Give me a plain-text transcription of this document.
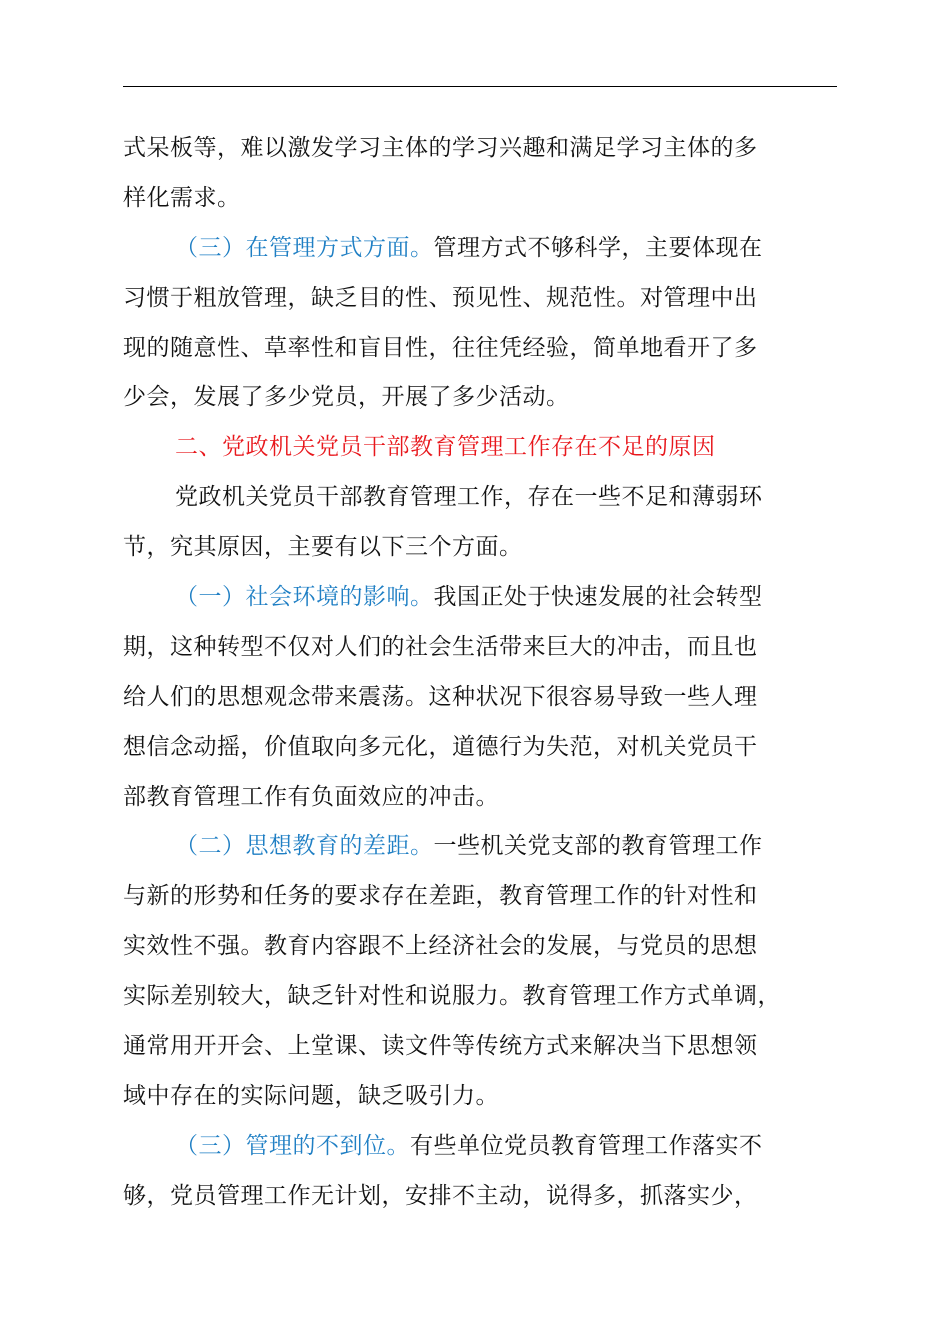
式呆板等，难以激发学习主体的学习兴趣和满足学习主体的多
样化需求。
（三）在管理方式方面。管理方式不够科学，主要体现在
习惯于粗放管理，缺乏目的性、预见性、规范性。对管理中出
现的随意性、草率性和盲目性，往往凭经验，简单地看开了多
少会，发展了多少党员，开展了多少活动。
二、党政机关党员干部教育管理工作存在不足的原因
党政机关党员干部教育管理工作，存在一些不足和薄弱环
节，究其原因，主要有以下三个方面。
（一）社会环境的影响。我国正处于快速发展的社会转型
期，这种转型不仅对人们的社会生活带来巨大的冲击，而且也
给人们的思想观念带来震荡。这种状况下很容易导致一些人理
想信念动摇，价值取向多元化，道德行为失范，对机关党员干
部教育管理工作有负面效应的冲击。
（二）思想教育的差距。一些机关党支部的教育管理工作
与新的形势和任务的要求存在差距，教育管理工作的针对性和
实效性不强。教育内容跟不上经济社会的发展，与党员的思想
实际差别较大，缺乏针对性和说服力。教育管理工作方式单调，
通常用开开会、上堂课、读文件等传统方式来解决当下思想领
域中存在的实际问题，缺乏吸引力。
（三）管理的不到位。有些单位党员教育管理工作落实不
够，党员管理工作无计划，安排不主动，说得多，抓落实少，
